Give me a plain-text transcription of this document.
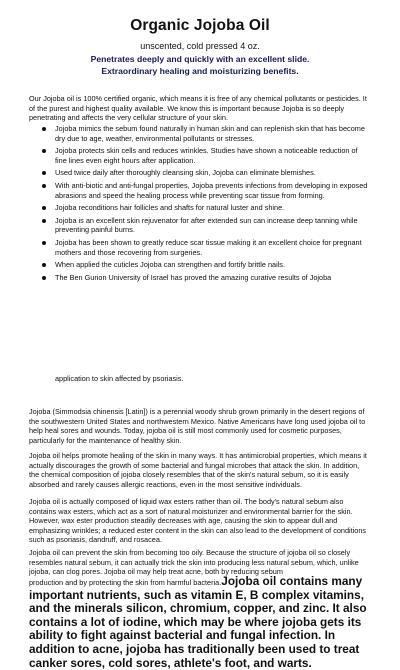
Organic Jojoba Oil
unscented, cold pressed 4 oz.
Penetrates deeply and quickly with an excellent slide.
Extraordinary healing and moisturizing benefits.

Our Jojoba oil is 100% certified organic, which means it is free of any chemical pollutants or pesticides. It of the purest and highest quality available. We know this is important because Jojoba is so deeply penetrating and affects the very cellular structure of your skin.

Jojoba mimics the sebum found naturally in human skin and can replenish skin that has become dry due to age, weather, environmental pollutants or stresses.
Jojoba protects skin cells and reduces wrinkles. Studies have shown a noticeable reduction of fine lines even eight hours after application.
Used twice daily after thoroughly cleansing skin, Jojoba can eliminate blemishes.
With anti-biotic and anti-fungal properties, Jojoba prevents infections from developing in exposed abrasions and speed the healing process while preventing scar tissue from forming.
Jojoba reconditions hair follicles and shafts for natural luster and shine.
Jojoba is an excellent skin rejuvenator for after extended sun can increase deep tanning while preventing painful burns.
Jojoba has been shown to greatly reduce scar tissue making it an excellent choice for pregnant mothers and those recovering from surgeries.
When applied the cuticles Jojoba can strengthen and fortify brittle nails.
The Ben Gurion University of Israel has proved the amazing curative results of Jojoba
application to skin affected by psoriasis.

Jojoba (Simmodsia chinensis [Latin]) is a perennial woody shrub grown primarily in the desert regions of the southwestern United States and northwestern Mexico. Native Americans have long used jojoba oil to help heal sores and wounds. Today, jojoba oil is still most commonly used for cosmetic purposes, particularly for the maintenance of healthy skin.

Jojoba oil helps promote healing of the skin in many ways. It has antimicrobial properties, which means it actually discourages the growth of some bacterial and fungal microbes that attack the skin. In addition, the chemical composition of jojoba closely resembles that of the skin's natural sebum, so it is easily absorbed and rarely causes allergic reactions, even in the most sensitive individuals.

Jojoba oil is actually composed of liquid wax esters rather than oil. The body's natural sebum also contains wax esters, which act as a sort of natural moisturizer and environmental barrier for the skin. However, wax ester production steadily decreases with age, causing the skin to appear dull and emphasizing wrinkles; a reduced ester content in the skin can also lead to the development of conditions such as psoriasis, dandruff, and rosacea.

Jojoba oil can prevent the skin from becoming too oily. Because the structure of jojoba oil so closely resembles natural sebum, it can actually trick the skin into producing less natural sebum, which, unlike jojoba, can clog pores. Jojoba oil may help treat acne, both by reducing sebum

production and by protecting the skin from harmful bacteria.Jojoba oil contains many important nutrients, such as vitamin E, B complex vitamins, and the minerals silicon, chromium, copper, and zinc. It also contains a lot of iodine, which may be where jojoba gets its ability to fight against bacterial and fungal infection. In addition to acne, jojoba has traditionally been used to treat canker sores, cold sores, athlete's foot, and warts.
